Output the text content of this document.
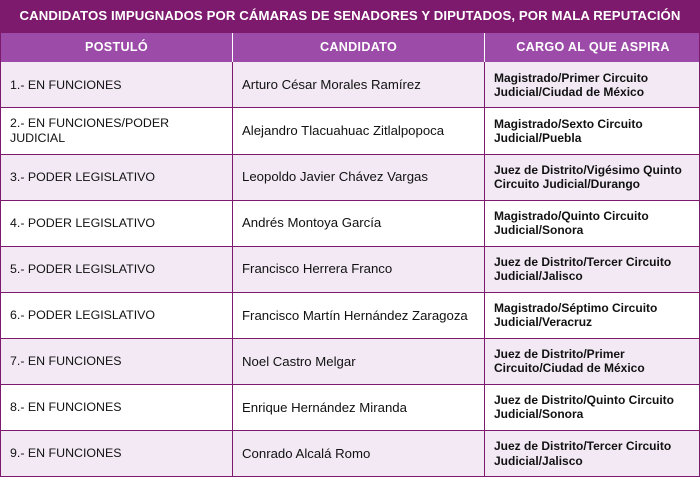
CANDIDATOS IMPUGNADOS POR CÁMARAS DE SENADORES Y DIPUTADOS, POR MALA REPUTACIÓN
POSTULÓ	CANDIDATO	CARGO AL QUE ASPIRA
1.- EN FUNCIONES	Arturo César Morales Ramírez	Magistrado/Primer Circuito Judicial/Ciudad de México
2.- EN FUNCIONES/PODER JUDICIAL	Alejandro Tlacuahuac Zitlalpopoca	Magistrado/Sexto Circuito Judicial/Puebla
3.- PODER LEGISLATIVO	Leopoldo Javier Chávez Vargas	Juez de Distrito/Vigésimo Quinto Circuito Judicial/Durango
4.- PODER LEGISLATIVO	Andrés Montoya García	Magistrado/Quinto Circuito Judicial/Sonora
5.- PODER LEGISLATIVO	Francisco Herrera Franco	Juez de Distrito/Tercer Circuito Judicial/Jalisco
6.- PODER LEGISLATIVO	Francisco Martín Hernández Zaragoza	Magistrado/Séptimo Circuito Judicial/Veracruz
7.- EN FUNCIONES	Noel Castro Melgar	Juez de Distrito/Primer Circuito/Ciudad de México
8.- EN FUNCIONES	Enrique Hernández Miranda	Juez de Distrito/Quinto Circuito Judicial/Sonora
9.- EN FUNCIONES	Conrado Alcalá Romo	Juez de Distrito/Tercer Circuito Judicial/Jalisco
